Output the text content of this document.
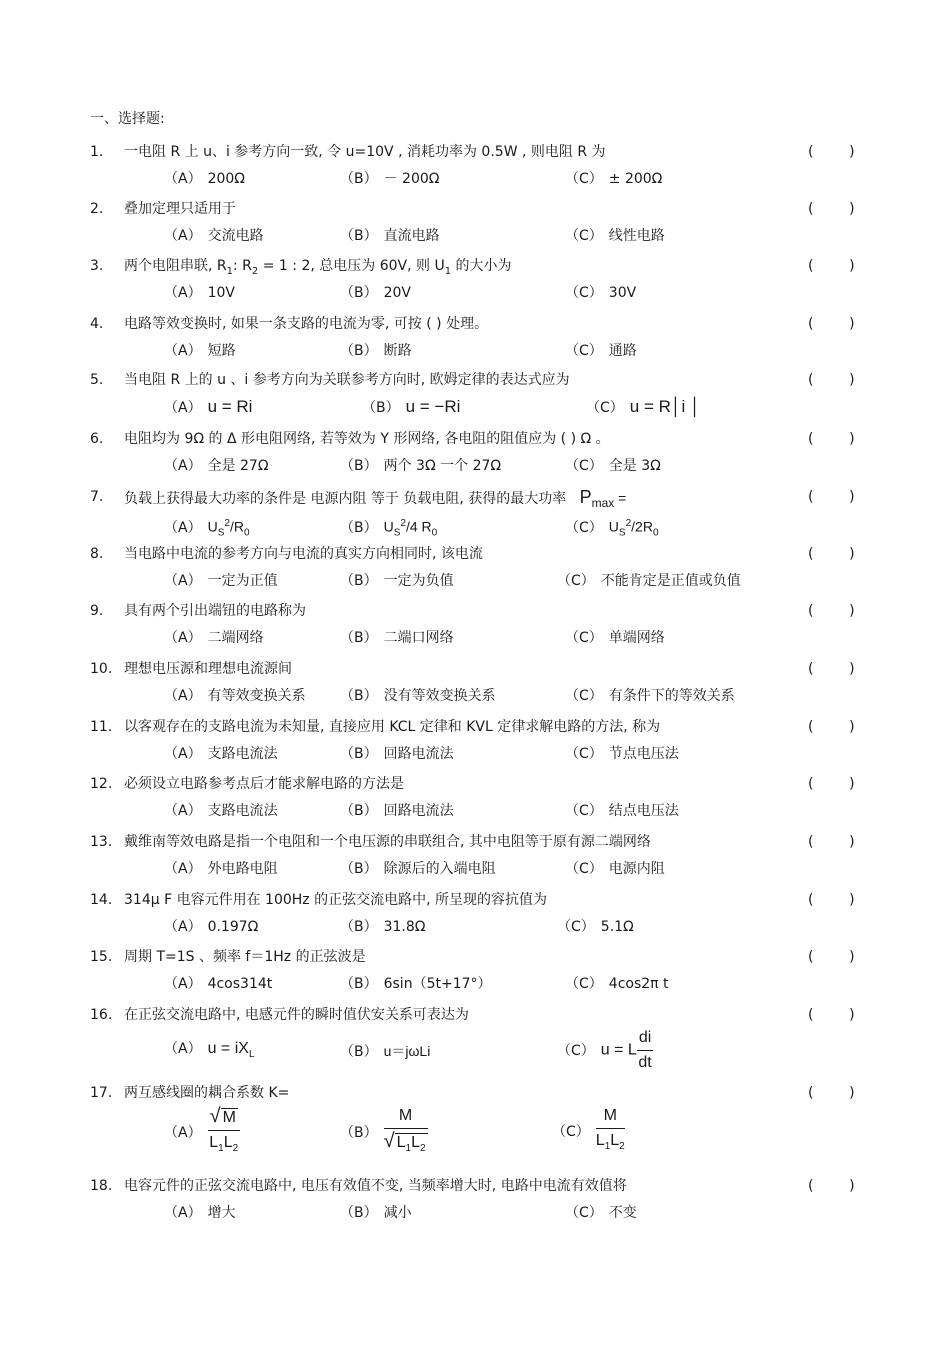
一、选择题:
1. 一电阻 R 上 u、i 参考方向一致, 令 u=10V , 消耗功率为 0.5W , 则电阻 R 为	(        )
（A） 200Ω	（B） － 200Ω	（C） ± 200Ω
2. 叠加定理只适用于	(        )
（A） 交流电路	（B） 直流电路	（C） 线性电路
3. 两个电阻串联, $R_1$: $R_2 = 1$ : 2, 总电压为 60V, 则 $U_1$ 的大小为	(        )
（A） 10V	（B） 20V	（C） 30V
4. 电路等效变换时, 如果一条支路的电流为零, 可按 ( ) 处理。	(        )
（A） 短路	（B） 断路	（C） 通路
5. 当电阻 R 上的 u 、i 参考方向为关联参考方向时, 欧姆定律的表达式应为	(        )
（A） u = Ri	（B） u = −Ri	（C） u = R│i │
6. 电阻均为 9Ω 的 Δ 形电阻网络, 若等效为 Y 形网络, 各电阻的阻值应为 ( ) Ω 。	(        )
（A） 全是 27Ω	（B） 两个 3Ω 一个 27Ω	（C） 全是 3Ω
7. 负载上获得最大功率的条件是 电源内阻 等于 负载电阻, 获得的最大功率 $P_{max}$ =	(        )
（A） $U_S^2/R_0$	（B） $U_S^2/4$ $R_0$	（C） $U_S^2/2R_0$
8. 当电路中电流的参考方向与电流的真实方向相同时, 该电流	(        )
（A） 一定为正值	（B） 一定为负值	（C） 不能肯定是正值或负值
9. 具有两个引出端钮的电路称为	(        )
（A） 二端网络	（B） 二端口网络	（C） 单端网络
10. 理想电压源和理想电流源间	(        )
（A） 有等效变换关系 （B） 没有等效变换关系	（C） 有条件下的等效关系
11. 以客观存在的支路电流为未知量, 直接应用 KCL 定律和 KVL 定律求解电路的方法, 称为	(        )
（A） 支路电流法	（B） 回路电流法	（C） 节点电压法
12. 必须设立电路参考点后才能求解电路的方法是	(        )
（A） 支路电流法	（B） 回路电流法	（C） 结点电压法
13. 戴维南等效电路是指一个电阻和一个电压源的串联组合, 其中电阻等于原有源二端网络	(        )
（A） 外电路电阻	（B） 除源后的入端电阻	（C） 电源内阻
14. 314μ F 电容元件用在 100Hz 的正弦交流电路中, 所呈现的容抗值为	(        )
（A） 0.197Ω	（B） 31.8Ω	（C） 5.1Ω
15. 周期 T=1S 、频率 f＝1Hz 的正弦波是	(        )
（A） 4cos314t	（B） 6sin（5t+17°）	（C） 4cos2π t
16. 在正弦交流电路中, 电感元件的瞬时值伏安关系可表达为	(        )
（A） $u = iX_L$	（B） u＝jωLi	（C） u = L $\frac{di}{dt}$
17. 两互感线圈的耦合系数 K=	(        )
$(A) \frac{√ M}{L_1L_2}$	$(B) \frac{M}{√ L_1L_2}$	$(C) \frac{M}{L_1L_2}$
18. 电容元件的正弦交流电路中, 电压有效值不变, 当频率增大时, 电路中电流有效值将	(        )
（A） 增大	（B） 减小	（C） 不变
